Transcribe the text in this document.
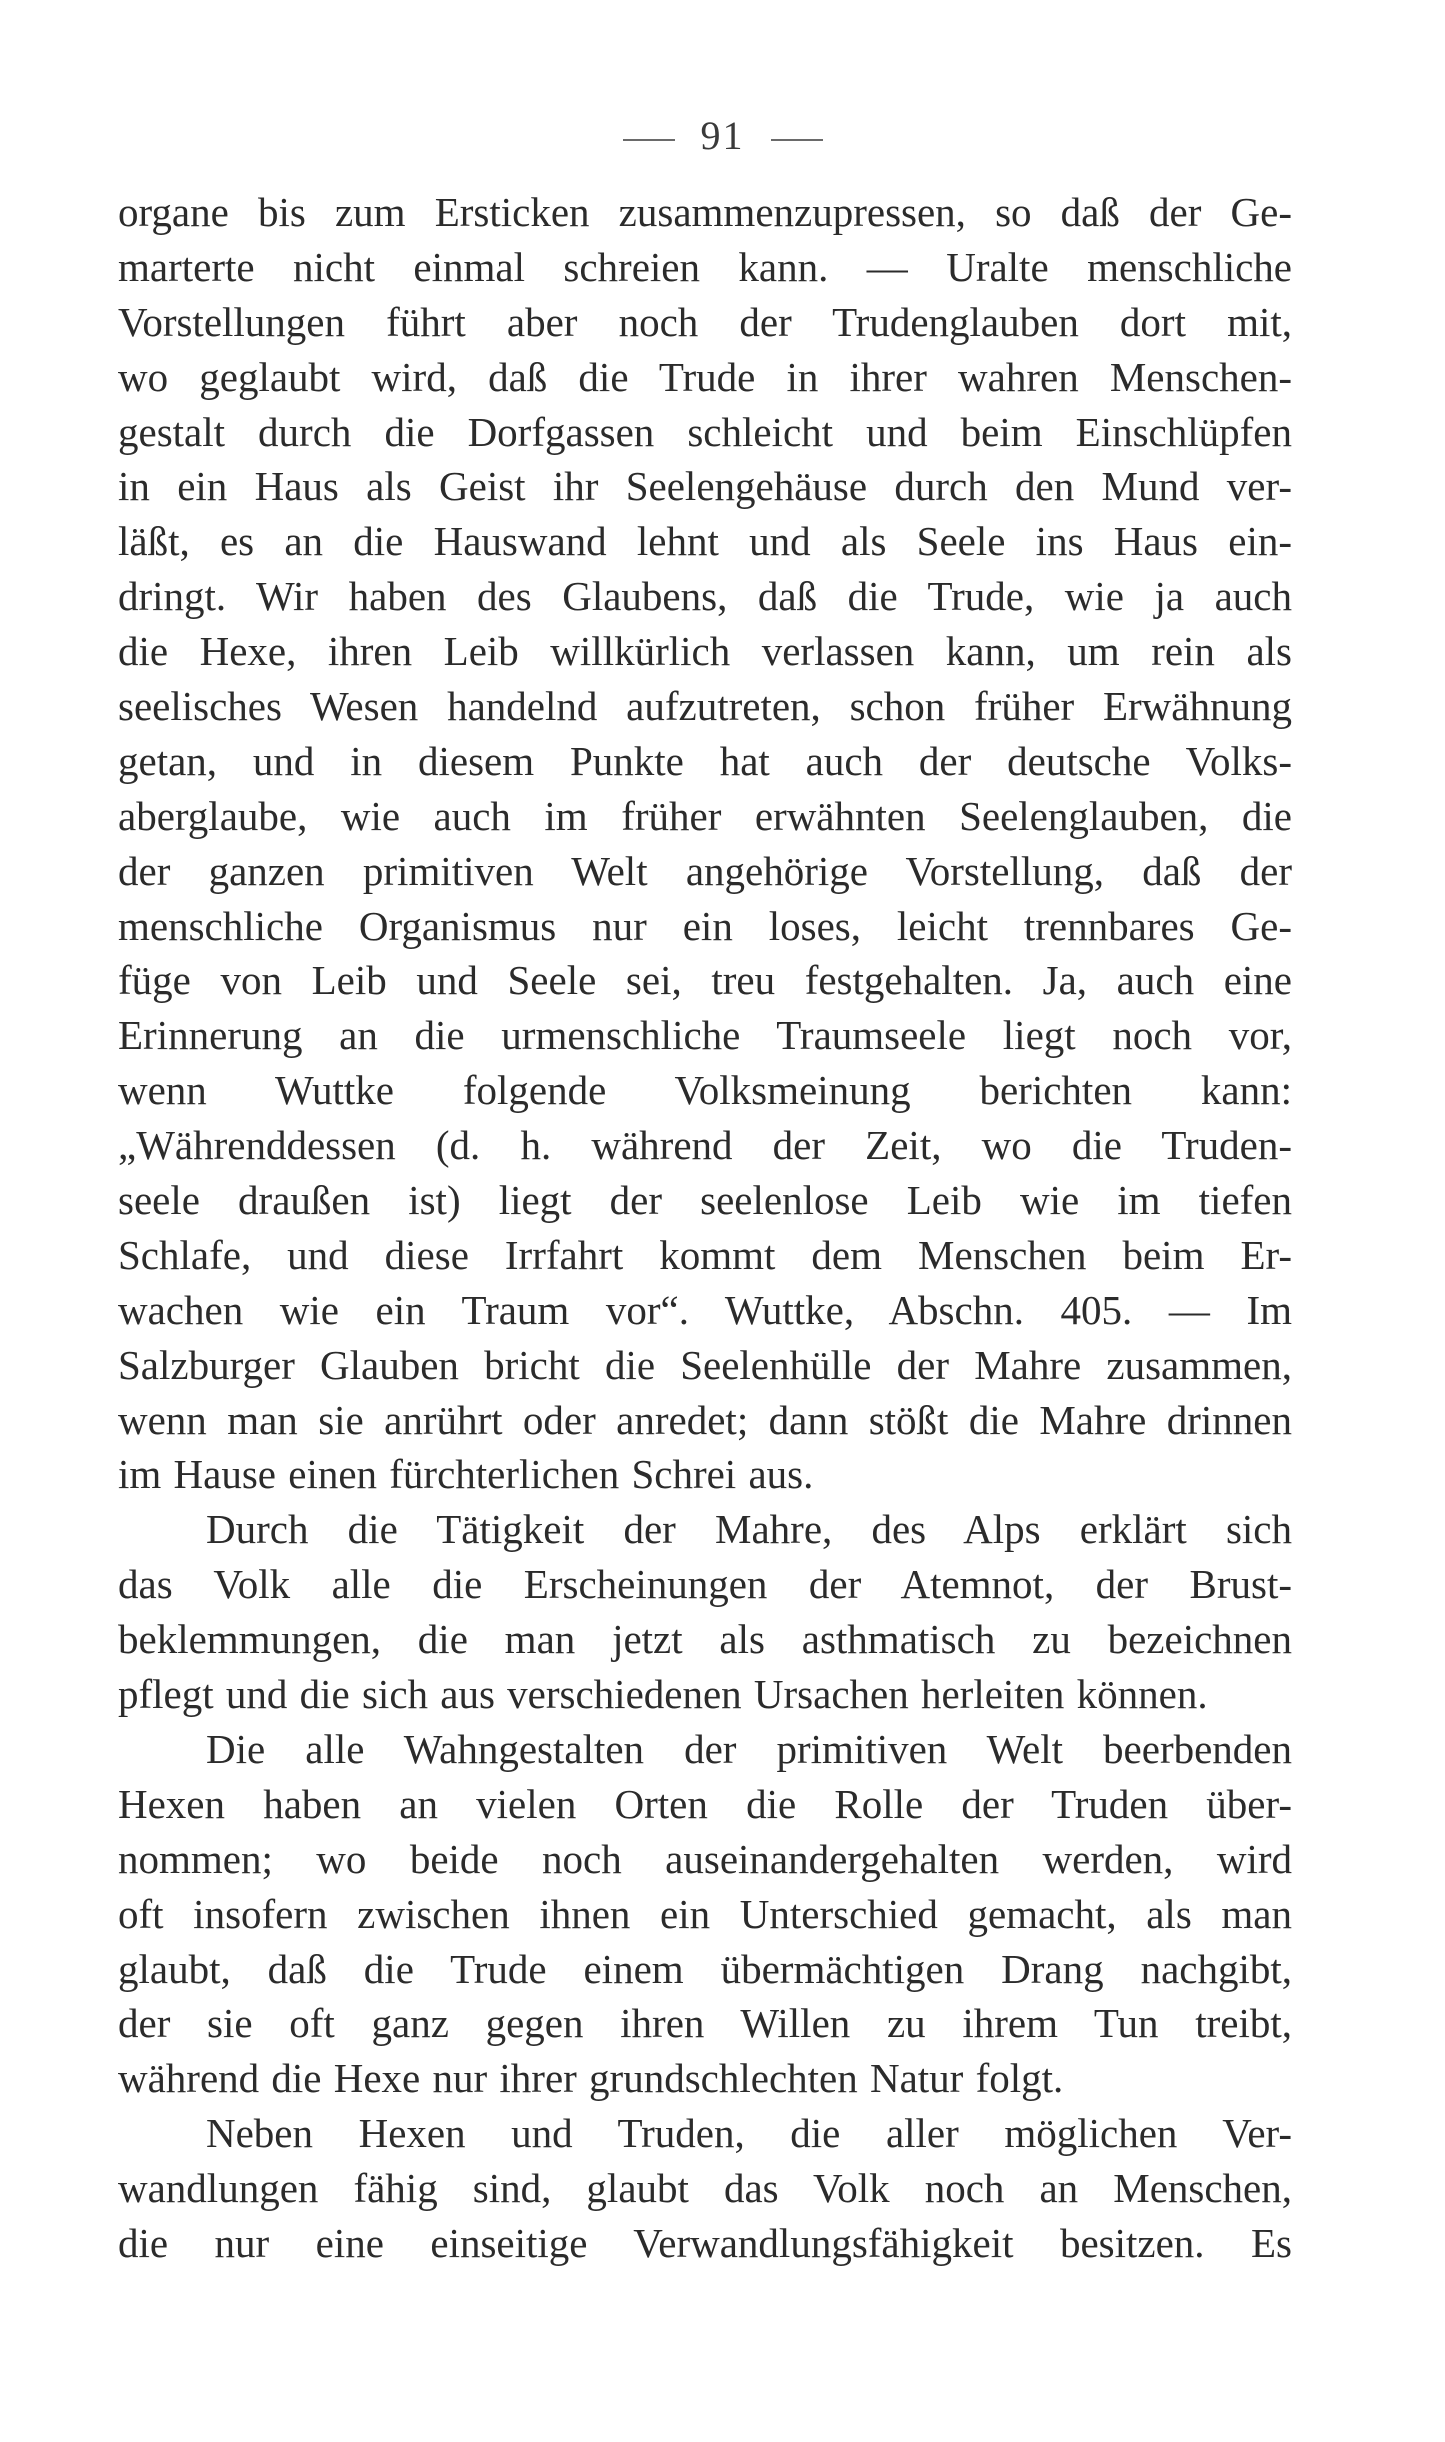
91
organe bis zum Ersticken zusammenzupressen, so daß der Ge-
marterte nicht einmal schreien kann. — Uralte menschliche
Vorstellungen führt aber noch der Trudenglauben dort mit,
wo geglaubt wird, daß die Trude in ihrer wahren Menschen-
gestalt durch die Dorfgassen schleicht und beim Einschlüpfen
in ein Haus als Geist ihr Seelengehäuse durch den Mund ver-
läßt, es an die Hauswand lehnt und als Seele ins Haus ein-
dringt. Wir haben des Glaubens, daß die Trude, wie ja auch
die Hexe, ihren Leib willkürlich verlassen kann, um rein als
seelisches Wesen handelnd aufzutreten, schon früher Erwähnung
getan, und in diesem Punkte hat auch der deutsche Volks-
aberglaube, wie auch im früher erwähnten Seelenglauben, die
der ganzen primitiven Welt angehörige Vorstellung, daß der
menschliche Organismus nur ein loses, leicht trennbares Ge-
füge von Leib und Seele sei, treu festgehalten. Ja, auch eine
Erinnerung an die urmenschliche Traumseele liegt noch vor,
wenn Wuttke folgende Volksmeinung berichten kann:
„Währenddessen (d. h. während der Zeit, wo die Truden-
seele draußen ist) liegt der seelenlose Leib wie im tiefen
Schlafe, und diese Irrfahrt kommt dem Menschen beim Er-
wachen wie ein Traum vor“. Wuttke, Abschn. 405. — Im
Salzburger Glauben bricht die Seelenhülle der Mahre zusammen,
wenn man sie anrührt oder anredet; dann stößt die Mahre drinnen
im Hause einen fürchterlichen Schrei aus.
Durch die Tätigkeit der Mahre, des Alps erklärt sich
das Volk alle die Erscheinungen der Atemnot, der Brust-
beklemmungen, die man jetzt als asthmatisch zu bezeichnen
pflegt und die sich aus verschiedenen Ursachen herleiten können.
Die alle Wahngestalten der primitiven Welt beerbenden
Hexen haben an vielen Orten die Rolle der Truden über-
nommen; wo beide noch auseinandergehalten werden, wird
oft insofern zwischen ihnen ein Unterschied gemacht, als man
glaubt, daß die Trude einem übermächtigen Drang nachgibt,
der sie oft ganz gegen ihren Willen zu ihrem Tun treibt,
während die Hexe nur ihrer grundschlechten Natur folgt.
Neben Hexen und Truden, die aller möglichen Ver-
wandlungen fähig sind, glaubt das Volk noch an Menschen,
die nur eine einseitige Verwandlungsfähigkeit besitzen. Es
